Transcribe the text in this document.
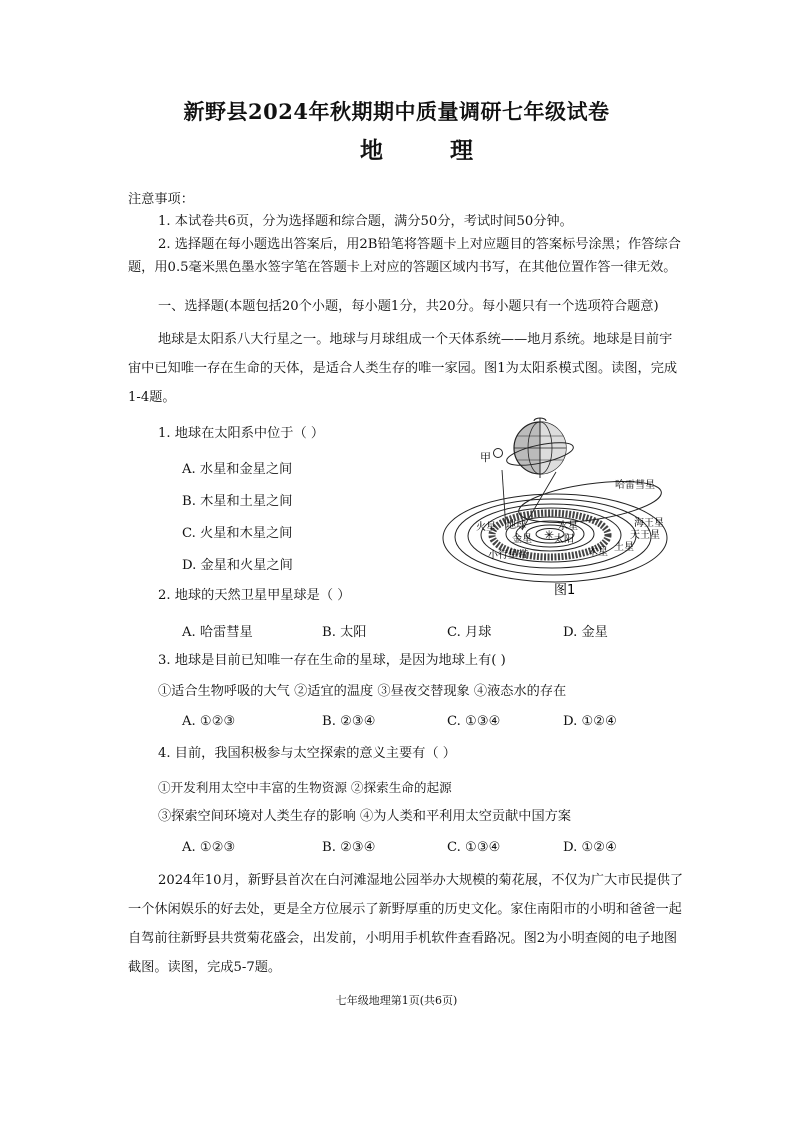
新野县2024年秋期期中质量调研七年级试卷
地	理
注意事项：
1. 本试卷共6页，分为选择题和综合题，满分50分，考试时间50分钟。
2. 选择题在每小题选出答案后，用2B铅笔将答题卡上对应题目的答案标号涂黑；作答综合
题，用0.5毫米黑色墨水签字笔在答题卡上对应的答题区域内书写，在其他位置作答一律无效。
一、选择题(本题包括20个小题，每小题1分，共20分。每小题只有一个选项符合题意)
地球是太阳系八大行星之一。地球与月球组成一个天体系统——地月系统。地球是目前宇
宙中已知唯一存在生命的天体，是适合人类生存的唯一家园。图1为太阳系模式图。读图，完成
1-4题。
1. 地球在太阳系中位于（ ）
A. 水星和金星之间
B. 木星和土星之间
C. 火星和木星之间
D. 金星和火星之间
✳
甲
哈雷彗星
海王星
天王星
土星
木星
火星 地球
金星
水星
太阳
小行星带
图1
2. 地球的天然卫星甲星球是（ ）
A. 哈雷彗星	B. 太阳	C. 月球	D. 金星
3. 地球是目前已知唯一存在生命的星球，是因为地球上有( )
①适合生物呼吸的大气 ②适宜的温度 ③昼夜交替现象 ④液态水的存在
A. ①②③	B. ②③④	C. ①③④	D. ①②④
4. 目前，我国积极参与太空探索的意义主要有（ ）
①开发利用太空中丰富的生物资源 ②探索生命的起源
③探索空间环境对人类生存的影响 ④为人类和平利用太空贡献中国方案
A. ①②③	B. ②③④	C. ①③④	D. ①②④
2024年10月，新野县首次在白河滩湿地公园举办大规模的菊花展，不仅为广大市民提供了
一个休闲娱乐的好去处，更是全方位展示了新野厚重的历史文化。家住南阳市的小明和爸爸一起
自驾前往新野县共赏菊花盛会，出发前，小明用手机软件查看路况。图2为小明查阅的电子地图
截图。读图，完成5-7题。
七年级地理第1页(共6页)
